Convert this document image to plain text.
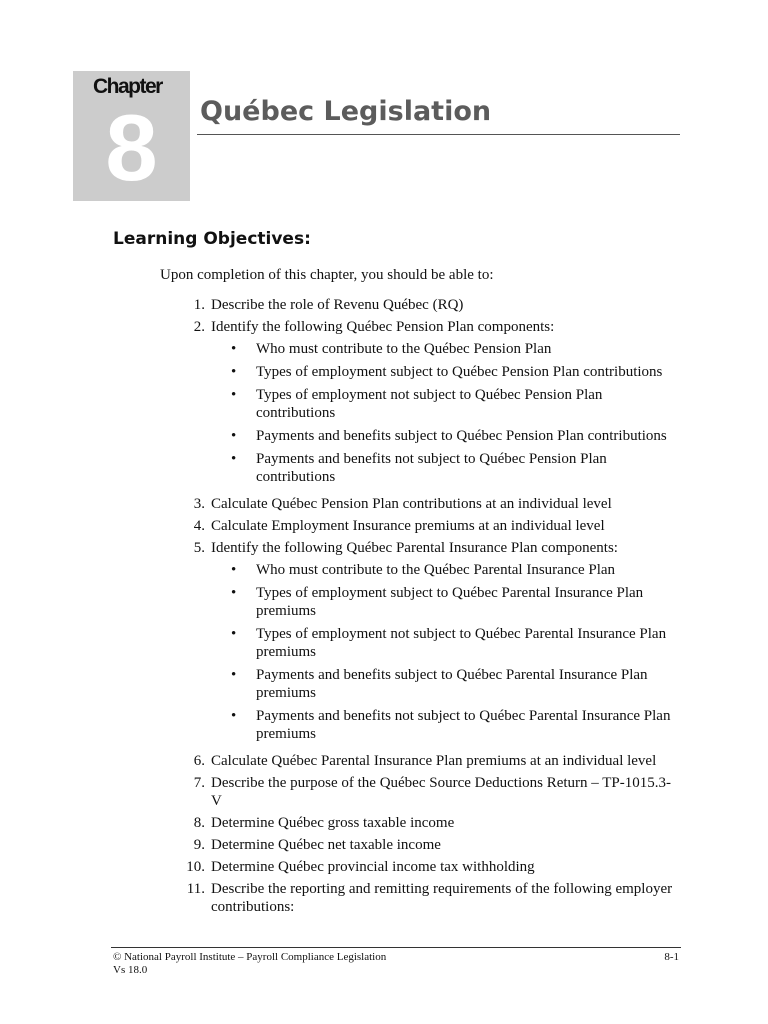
Chapter
8	Québec Legislation
Learning Objectives:
Upon completion of this chapter, you should be able to:
1. Describe the role of Revenu Québec (RQ)
2. Identify the following Québec Pension Plan components:
•	Who must contribute to the Québec Pension Plan
•	Types of employment subject to Québec Pension Plan contributions
•	Types of employment not subject to Québec Pension Plan contributions
•	Payments and benefits subject to Québec Pension Plan contributions
•	Payments and benefits not subject to Québec Pension Plan contributions
3. Calculate Québec Pension Plan contributions at an individual level
4. Calculate Employment Insurance premiums at an individual level
5. Identify the following Québec Parental Insurance Plan components:
•	Who must contribute to the Québec Parental Insurance Plan
•	Types of employment subject to Québec Parental Insurance Plan premiums
•	Types of employment not subject to Québec Parental Insurance Plan premiums
•	Payments and benefits subject to Québec Parental Insurance Plan premiums
•	Payments and benefits not subject to Québec Parental Insurance Plan premiums
6. Calculate Québec Parental Insurance Plan premiums at an individual level
7. Describe the purpose of the Québec Source Deductions Return – TP-1015.3-V
8. Determine Québec gross taxable income
9. Determine Québec net taxable income
10. Determine Québec provincial income tax withholding
11. Describe the reporting and remitting requirements of the following employer contributions:
© National Payroll Institute – Payroll Compliance Legislation
Vs 18.0
8-1
